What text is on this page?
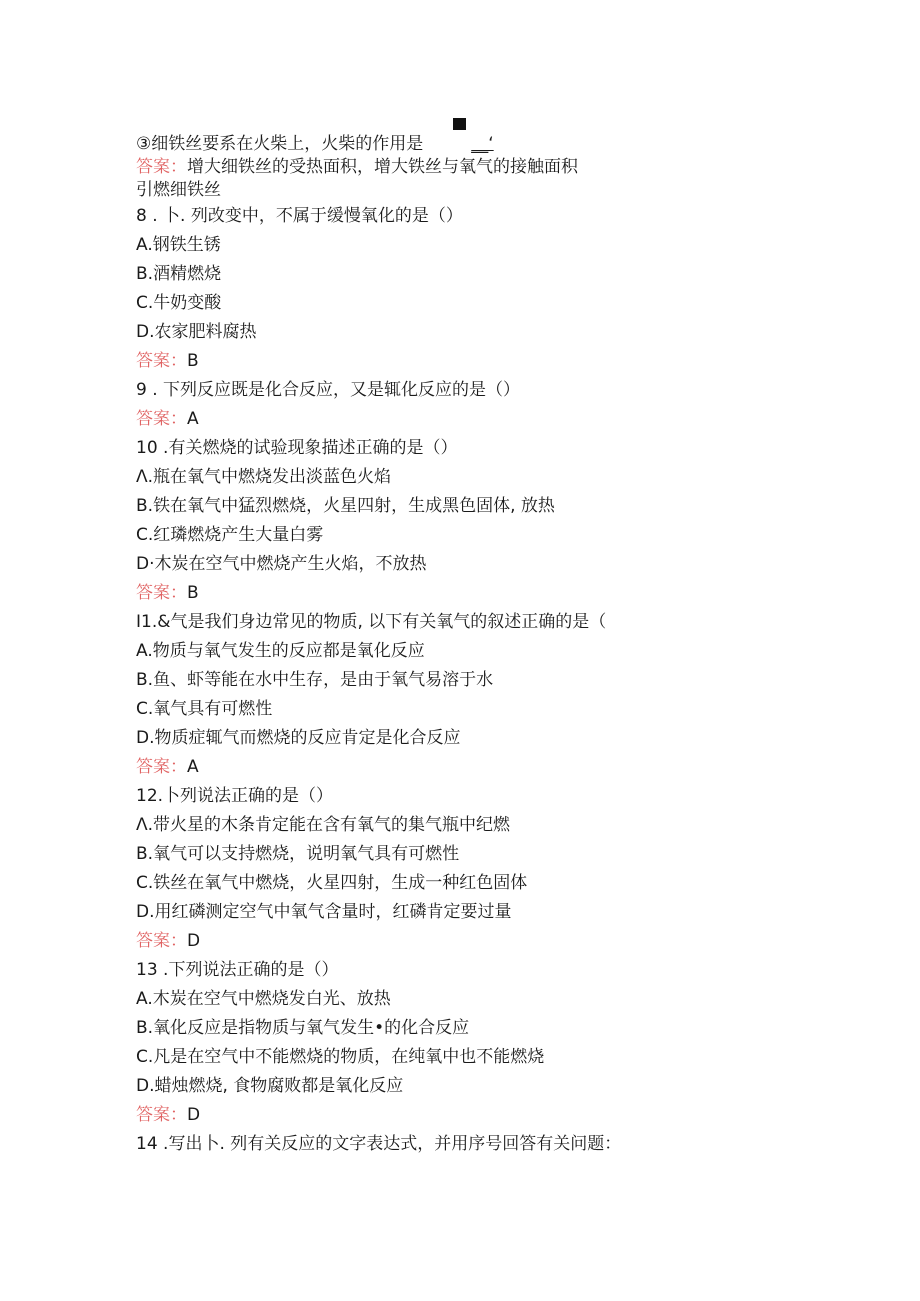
③细铁丝要系在火柴上，火柴的作用是	__‘
答案：增大细铁丝的受热面积，增大铁丝与氧气的接触面积
引燃细铁丝
8 . 卜. 列改变中，不属于缓慢氧化的是（）
A.钢铁生锈
B.酒精燃烧
C.牛奶变酸
D.农家肥料腐热
答案：B
9 . 下列反应既是化合反应，又是辄化反应的是（）
答案：A
10 .有关燃烧的试验现象描述正确的是（）
Λ.瓶在氧气中燃烧发出淡蓝色火焰
B.铁在氧气中猛烈燃烧，火星四射，生成黑色固体, 放热
C.红璘燃烧产生大量白雾
D·木炭在空气中燃烧产生火焰，不放热
答案：B
I1.&气是我们身边常见的物质, 以下有关氧气的叙述正确的是（
A.物质与氧气发生的反应都是氧化反应
B.鱼、虾等能在水中生存，是由于氧气易溶于水
C.氧气具有可燃性
D.物质症辄气而燃烧的反应肯定是化合反应
答案：A
12.卜列说法正确的是（）
Λ.带火星的木条肯定能在含有氧气的集气瓶中纪燃
B.氧气可以支持燃烧，说明氧气具有可燃性
C.铁丝在氧气中燃烧，火星四射，生成一种红色固体
D.用红磷测定空气中氧气含量时，红磷肯定要过量
答案：D
13 .下列说法正确的是（）
A.木炭在空气中燃烧发白光、放热
B.氧化反应是指物质与氧气发生•的化合反应
C.凡是在空气中不能燃烧的物质，在纯氧中也不能燃烧
D.蜡烛燃烧, 食物腐败都是氧化反应
答案：D
14 .写出卜. 列有关反应的文字表达式，并用序号回答有关问题：
